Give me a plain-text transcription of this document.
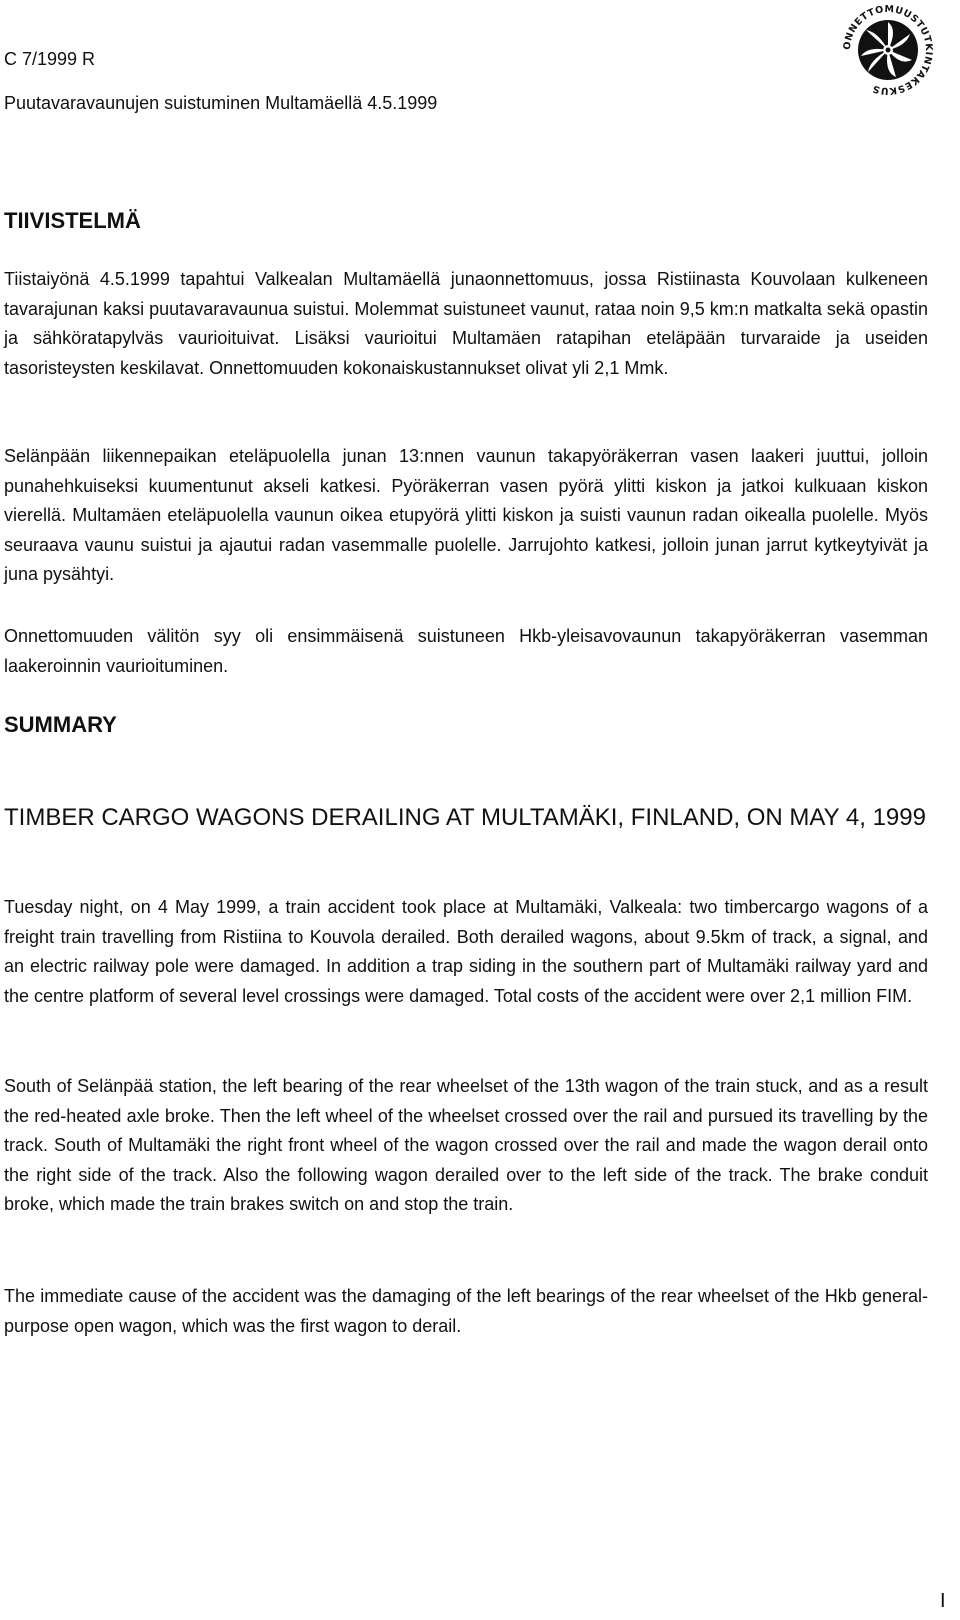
C 7/1999 R
Puutavaravaunujen suistuminen Multamäellä 4.5.1999
ONNETTOMUUSTUTKINTAKESKUS
TIIVISTELMÄ

Tiistaiyönä 4.5.1999 tapahtui Valkealan Multamäellä junaonnettomuus, jossa Ristiinasta Kouvolaan kulkeneen tavarajunan kaksi puutavaravaunua suistui. Molemmat suistuneet vaunut, rataa noin 9,5 km:n matkalta sekä opastin ja sähköratapylväs vaurioituivat. Lisäksi vaurioitui Multamäen ratapihan eteläpään turvaraide ja useiden tasoristeysten keskilavat. Onnettomuuden kokonaiskustannukset olivat yli 2,1 Mmk.

Selänpään liikennepaikan eteläpuolella junan 13:nnen vaunun takapyöräkerran vasen laakeri juuttui, jolloin punahehkuiseksi kuumentunut akseli katkesi. Pyöräkerran vasen pyörä ylitti kiskon ja jatkoi kulkuaan kiskon vierellä. Multamäen eteläpuolella vaunun oikea etupyörä ylitti kiskon ja suisti vaunun radan oikealla puolelle. Myös seuraava vaunu suistui ja ajautui radan vasemmalle puolelle. Jarrujohto katkesi, jolloin junan jarrut kytkeytyivät ja juna pysähtyi.

Onnettomuuden välitön syy oli ensimmäisenä suistuneen Hkb-yleisavovaunun takapyöräkerran vasemman laakeroinnin vaurioituminen.

SUMMARY
TIMBER CARGO WAGONS DERAILING AT MULTAMÄKI, FINLAND, ON MAY 4, 1999

Tuesday night, on 4 May 1999, a train accident took place at Multamäki, Valkeala: two timbercargo wagons of a freight train travelling from Ristiina to Kouvola derailed. Both derailed wagons, about 9.5km of track, a signal, and an electric railway pole were damaged. In addition a trap siding in the southern part of Multamäki railway yard and the centre platform of several level crossings were damaged. Total costs of the accident were over 2,1 million FIM.

South of Selänpää station, the left bearing of the rear wheelset of the 13th wagon of the train stuck, and as a result the red-heated axle broke. Then the left wheel of the wheelset crossed over the rail and pursued its travelling by the track. South of Multamäki the right front wheel of the wagon crossed over the rail and made the wagon derail onto the right side of the track. Also the following wagon derailed over to the left side of the track. The brake conduit broke, which made the train brakes switch on and stop the train.

The immediate cause of the accident was the damaging of the left bearings of the rear wheelset of the Hkb general-purpose open wagon, which was the first wagon to derail.

I
